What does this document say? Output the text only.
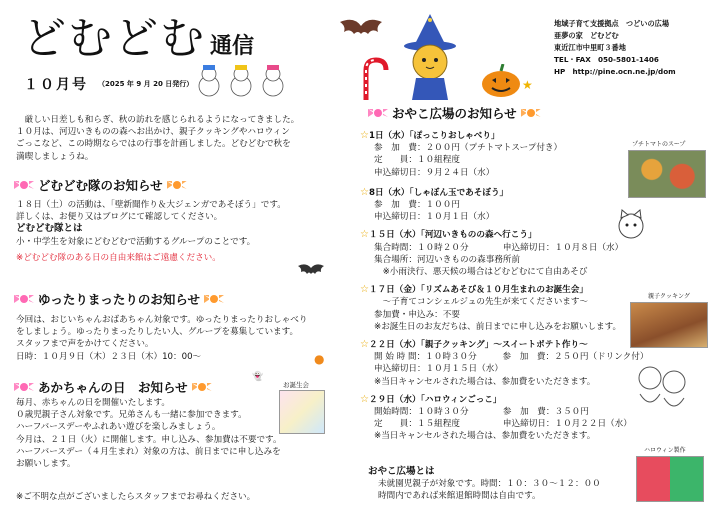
どむどむ 通信
１０月号 （2025 年 9 月 20 日発行）	★
地域子育て支援拠点　つどいの広場
亜夢の家　どむどむ
東近江市中里町３番地
TEL・FAX　050-5801-1406
HP　http://pine.ocn.ne.jp/dom
　厳しい日差しも和らぎ、秋の訪れを感じられるようになってきました。
１０月は、河辺いきものの森へお出かけ、親子クッキングやハロウィン
ごっこなど、この時期ならではの行事を計画しました。どむどむで秋を
満喫しましょうね。
どむどむ隊のお知らせ
１８日（土）の活動は、「壁新聞作り＆大ジェンガであそぼう」です。
詳しくは、お便り又はブログにて確認してください。
どむどむ隊とは
小・中学生を対象にどむどむで活動するグループのことです。
※どむどむ隊のある日の自由来館はご遠慮ください。
ゆったりまったりのお知らせ
今回は、おじいちゃんおばあちゃん対象です。ゆったりまったりおしゃべり
をしましょう。ゆったりまったりしたい人、グループを募集しています。
スタッフまで声をかけてください。
日時：１０月９日（木）２３日（木）10：00～	●
あかちゃんの日　お知らせ
👻
お誕生会
毎月、赤ちゃんの日を開催いたします。
０歳児親子さん対象です。兄弟さんも一緒に参加できます。
ハーフバースデーやふれあい遊びを楽しみましょう。
今月は、２１日（火）に開催します。申し込み、参加費は不要です。
ハーフバースデー（４月生まれ）対象の方は、前日までに申し込みを
お願いします。
※ご不明な点がございましたらスタッフまでお尋ねください。
おやこ広場のお知らせ
☆1日（水）「ぽっこりおしゃべり」
参　加　費：２００円（プチトマトスープ付き）
定　　員：１０組程度
申込締切日：９月２４日（水）
☆8日（水）「しゃぼん玉であそぼう」
参　加　費：１００円
申込締切日：１０月１日（水）
☆１５日（水）「河辺いきものの森へ行こう」
集合時間：１０時２０分　　　　申込締切日：１０月８日（水）
集合場所：河辺いきものの森事務所前
　※小雨決行、悪天候の場合はどむどむにて自由あそび
☆１７日（金）「リズムあそび＆１０月生まれのお誕生会」
　～子育てコンシェルジュの先生が来てくださいます～
参加費・申込み：不要
※お誕生日のお友だちは、前日までに申し込みをお願いします。
☆２２日（水）「親子クッキング」～スイートポテト作り～
開 始 時 間：１０時３０分　　　参　加　費：２５０円（ドリンク付）
申込締切日：１０月１５日（水）
※当日キャンセルされた場合は、参加費をいただきます。
☆２９日（水）「ハロウィンごっこ」
開始時間：１０時３０分　　　　参　加　費：３５０円
定　　員：１５組程度　　　　　申込締切日：１０月２２日（水）
※当日キャンセルされた場合は、参加費をいただきます。
おやこ広場とは
未就園児親子が対象です。時間：１０：３０～１２：００
時間内であれば来館退館時間は自由です。
プチトマトのスープ
親子クッキング
ハロウィン製作
